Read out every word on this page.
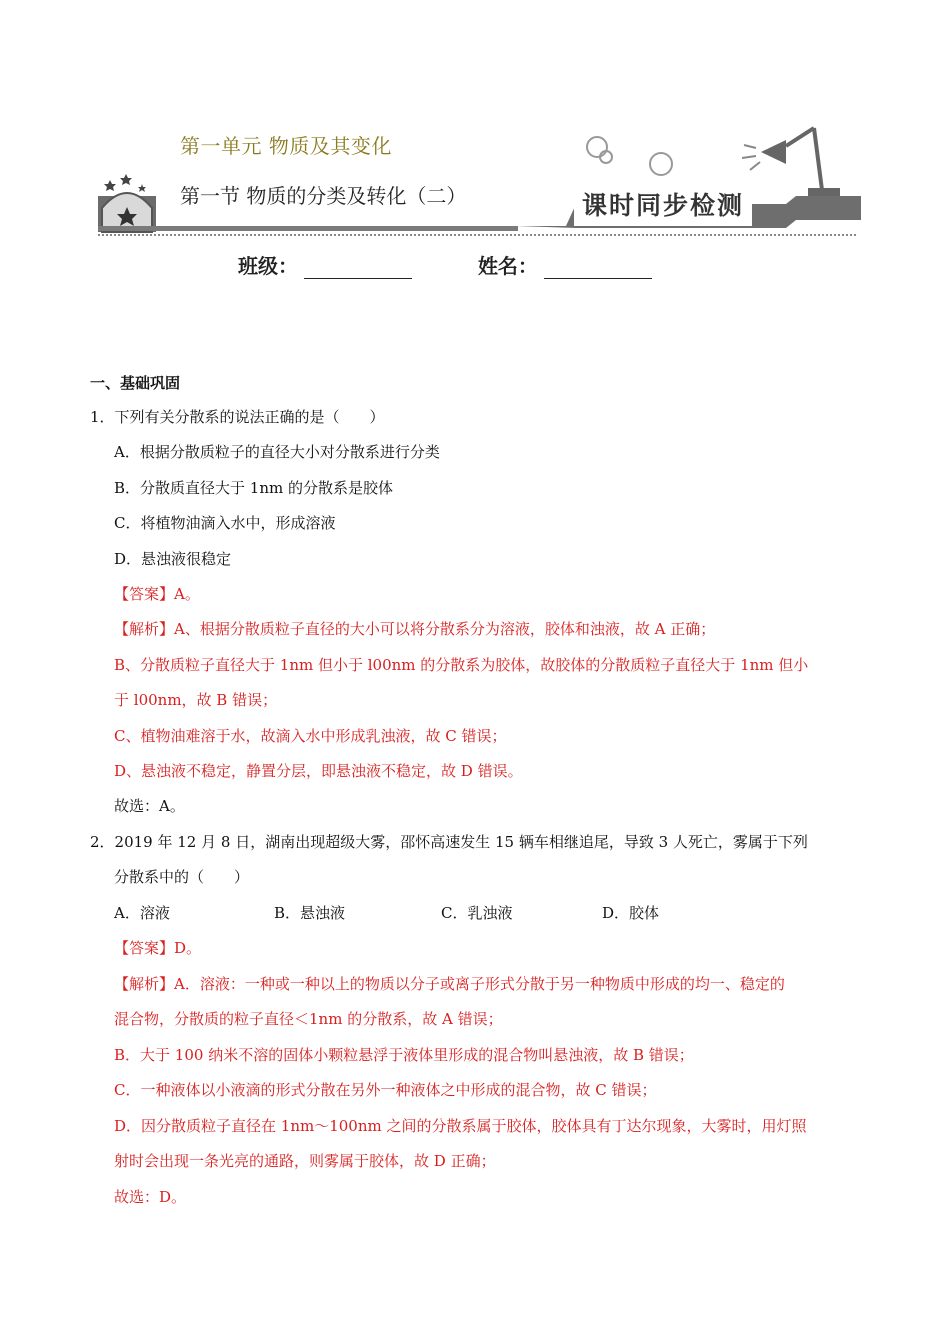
第一单元 物质及其变化
第一节 物质的分类及转化（二）	课时同步检测
班级：	姓名：
一、基础巩固
1．下列有关分散系的说法正确的是（　　）
A．根据分散质粒子的直径大小对分散系进行分类
B．分散质直径大于 1nm 的分散系是胶体
C．将植物油滴入水中，形成溶液
D．悬浊液很稳定
【答案】A。
【解析】A、根据分散质粒子直径的大小可以将分散系分为溶液，胶体和浊液，故 A 正确；
B、分散质粒子直径大于 1nm 但小于 l00nm 的分散系为胶体，故胶体的分散质粒子直径大于 1nm 但小
于 l00nm，故 B 错误；
C、植物油难溶于水，故滴入水中形成乳浊液，故 C 错误；
D、悬浊液不稳定，静置分层，即悬浊液不稳定，故 D 错误。
故选：A。
2．2019 年 12 月 8 日，湖南出现超级大雾，邵怀高速发生 15 辆车相继追尾，导致 3 人死亡，雾属于下列
分散系中的（　　）
A．溶液	B．悬浊液	C．乳浊液	D．胶体
【答案】D。
【解析】A．溶液：一种或一种以上的物质以分子或离子形式分散于另一种物质中形成的均一、稳定的
混合物，分散质的粒子直径＜1nm 的分散系，故 A 错误；
B．大于 100 纳米不溶的固体小颗粒悬浮于液体里形成的混合物叫悬浊液，故 B 错误；
C．一种液体以小液滴的形式分散在另外一种液体之中形成的混合物，故 C 错误；
D．因分散质粒子直径在 1nm～100nm 之间的分散系属于胶体，胶体具有丁达尔现象，大雾时，用灯照
射时会出现一条光亮的通路，则雾属于胶体，故 D 正确；
故选：D。
